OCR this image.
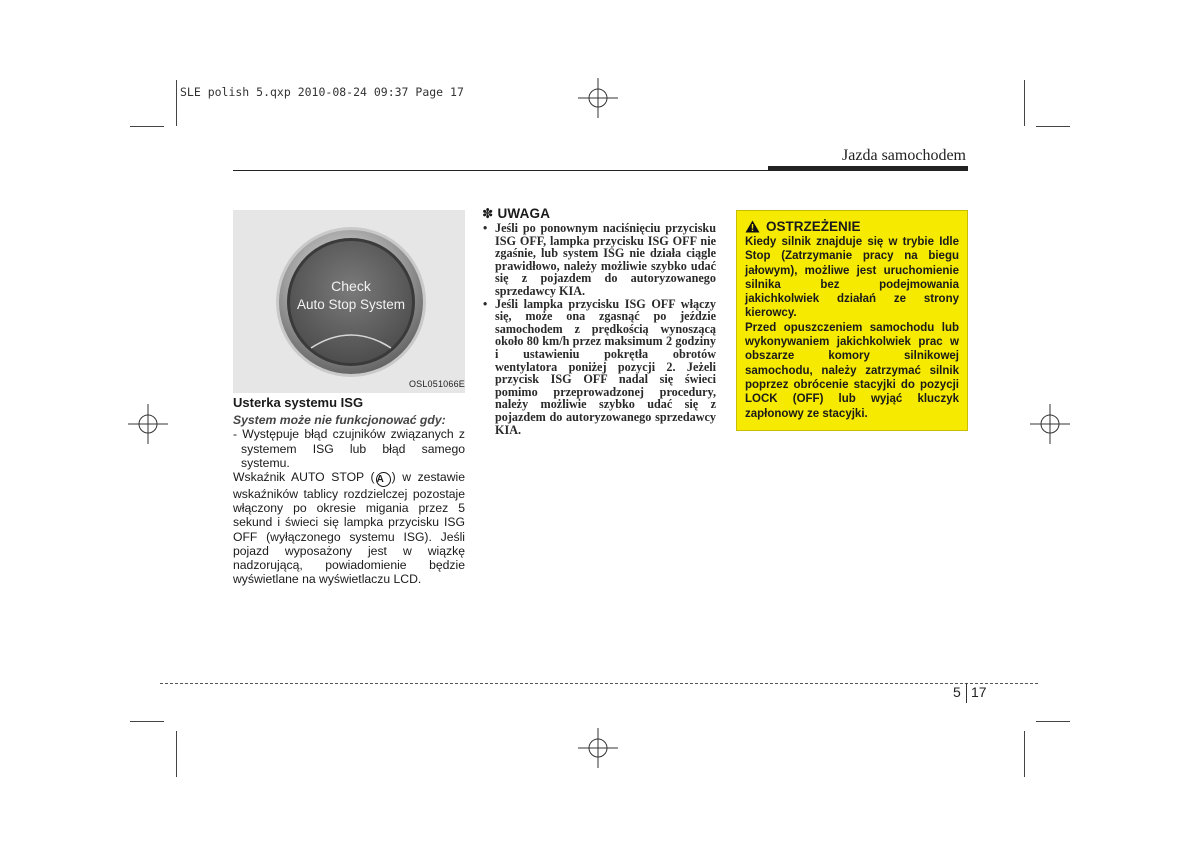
SLE polish 5.qxp 2010-08-24 09:37 Page 17
Jazda samochodem
Check
Auto Stop System
OSL051066E
Usterka systemu ISG

System może nie funkcjonować gdy:

- Występuje błąd czujników związanych z systemem ISG lub błąd samego systemu.

Wskaźnik AUTO STOP ( A ) w zestawie wskaźników tablicy rozdzielczej pozostaje włączony po okresie migania przez 5 sekund i świeci się lampka przycisku ISG OFF (wyłączonego systemu ISG). Jeśli pojazd wyposażony jest w wiązkę nadzorującą, powiadomienie będzie wyświetlane na wyświetlaczu LCD.

✽ UWAGA
• Jeśli po ponownym naciśnięciu przycisku ISG OFF, lampka przycisku ISG OFF nie zgaśnie, lub system ISG nie działa ciągle prawidłowo, należy możliwie szybko udać się z pojazdem do autoryzowanego sprzedawcy KIA.
• Jeśli lampka przycisku ISG OFF włączy się, może ona zgasnąć po jeździe samochodem z prędkością wynoszącą około 80 km/h przez maksimum 2 godziny i ustawieniu pokrętła obrotów wentylatora poniżej pozycji 2. Jeżeli przycisk ISG OFF nadal się świeci pomimo przeprowadzonej procedury, należy możliwie szybko udać się z pojazdem do autoryzowanego sprzedawcy KIA.
OSTRZEŻENIE

Kiedy silnik znajduje się w trybie Idle Stop (Zatrzymanie pracy na biegu jałowym), możliwe jest uruchomienie silnika bez podejmowania jakichkolwiek działań ze strony kierowcy.

Przed opuszczeniem samochodu lub wykonywaniem jakichkolwiek prac w obszarze komory silnikowej samochodu, należy zatrzymać silnik poprzez obrócenie stacyjki do pozycji LOCK (OFF) lub wyjąć kluczyk zapłonowy ze stacyjki.

5 17
